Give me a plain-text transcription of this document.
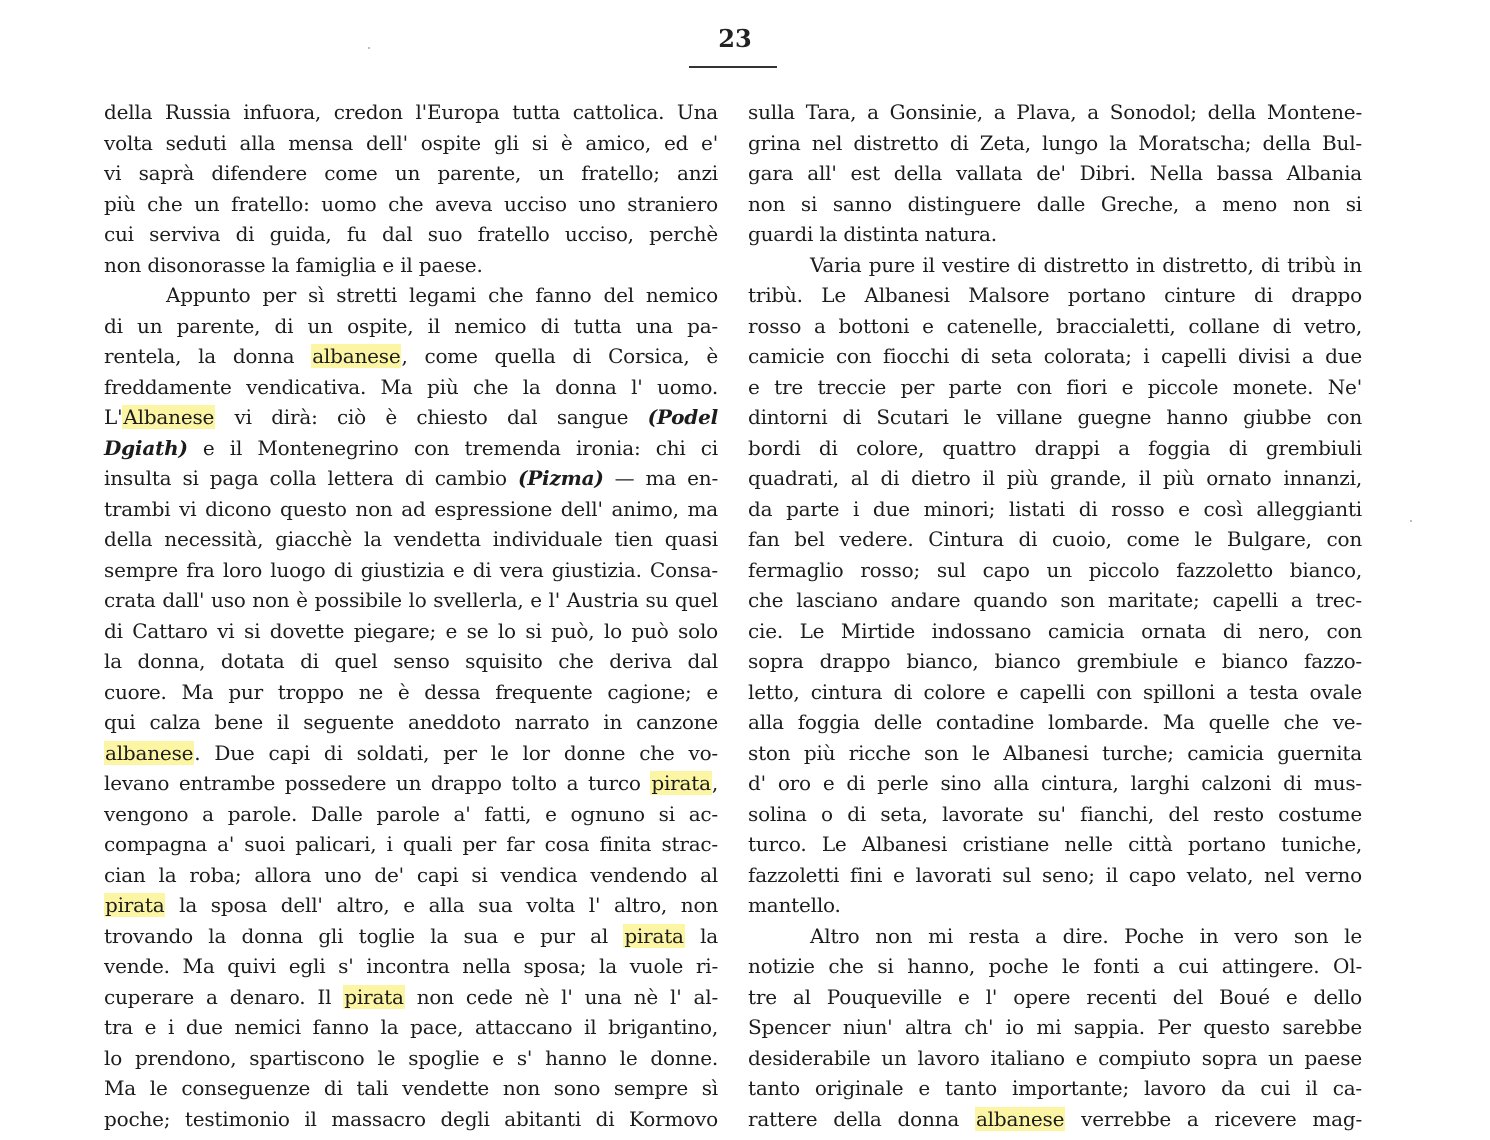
23
della Russia infuora, credon l'Europa tutta cattolica. Una
volta seduti alla mensa dell' ospite gli si è amico, ed e'
vi saprà difendere come un parente, un fratello; anzi
più che un fratello: uomo che aveva ucciso uno straniero
cui serviva di guida, fu dal suo fratello ucciso, perchè
non disonorasse la famiglia e il paese.
Appunto per sì stretti legami che fanno del nemico
di un parente, di un ospite, il nemico di tutta una pa-
rentela, la donna albanese, come quella di Corsica, è
freddamente vendicativa. Ma più che la donna l' uomo.
L'Albanese vi dirà: ciò è chiesto dal sangue (Podel
Dgiath) e il Montenegrino con tremenda ironia: chi ci
insulta si paga colla lettera di cambio (Pizma) — ma en-
trambi vi dicono questo non ad espressione dell' animo, ma
della necessità, giacchè la vendetta individuale tien quasi
sempre fra loro luogo di giustizia e di vera giustizia. Consa-
crata dall' uso non è possibile lo svellerla, e l' Austria su quel
di Cattaro vi si dovette piegare; e se lo si può, lo può solo
la donna, dotata di quel senso squisito che deriva dal
cuore. Ma pur troppo ne è dessa frequente cagione; e
qui calza bene il seguente aneddoto narrato in canzone
albanese. Due capi di soldati, per le lor donne che vo-
levano entrambe possedere un drappo tolto a turco pirata,
vengono a parole. Dalle parole a' fatti, e ognuno si ac-
compagna a' suoi palicari, i quali per far cosa finita strac-
cian la roba; allora uno de' capi si vendica vendendo al
pirata la sposa dell' altro, e alla sua volta l' altro, non
trovando la donna gli toglie la sua e pur al pirata la
vende. Ma quivi egli s' incontra nella sposa; la vuole ri-
cuperare a denaro. Il pirata non cede nè l' una nè l' al-
tra e i due nemici fanno la pace, attaccano il brigantino,
lo prendono, spartiscono le spoglie e s' hanno le donne.
Ma le conseguenze di tali vendette non sono sempre sì
poche; testimonio il massacro degli abitanti di Kormovo
sulla Tara, a Gonsinie, a Plava, a Sonodol; della Montene-
grina nel distretto di Zeta, lungo la Moratscha; della Bul-
gara all' est della vallata de' Dibri. Nella bassa Albania
non si sanno distinguere dalle Greche, a meno non si
guardi la distinta natura.
Varia pure il vestire di distretto in distretto, di tribù in
tribù. Le Albanesi Malsore portano cinture di drappo
rosso a bottoni e catenelle, braccialetti, collane di vetro,
camicie con fiocchi di seta colorata; i capelli divisi a due
e tre treccie per parte con fiori e piccole monete. Ne'
dintorni di Scutari le villane guegne hanno giubbe con
bordi di colore, quattro drappi a foggia di grembiuli
quadrati, al di dietro il più grande, il più ornato innanzi,
da parte i due minori; listati di rosso e così alleggianti
fan bel vedere. Cintura di cuoio, come le Bulgare, con
fermaglio rosso; sul capo un piccolo fazzoletto bianco,
che lasciano andare quando son maritate; capelli a trec-
cie. Le Mirtide indossano camicia ornata di nero, con
sopra drappo bianco, bianco grembiule e bianco fazzo-
letto, cintura di colore e capelli con spilloni a testa ovale
alla foggia delle contadine lombarde. Ma quelle che ve-
ston più ricche son le Albanesi turche; camicia guernita
d' oro e di perle sino alla cintura, larghi calzoni di mus-
solina o di seta, lavorate su' fianchi, del resto costume
turco. Le Albanesi cristiane nelle città portano tuniche,
fazzoletti fini e lavorati sul seno; il capo velato, nel verno
mantello.
Altro non mi resta a dire. Poche in vero son le
notizie che si hanno, poche le fonti a cui attingere. Ol-
tre al Pouqueville e l' opere recenti del Boué e dello
Spencer niun' altra ch' io mi sappia. Per questo sarebbe
desiderabile un lavoro italiano e compiuto sopra un paese
tanto originale e tanto importante; lavoro da cui il ca-
rattere della donna albanese verrebbe a ricevere mag-
